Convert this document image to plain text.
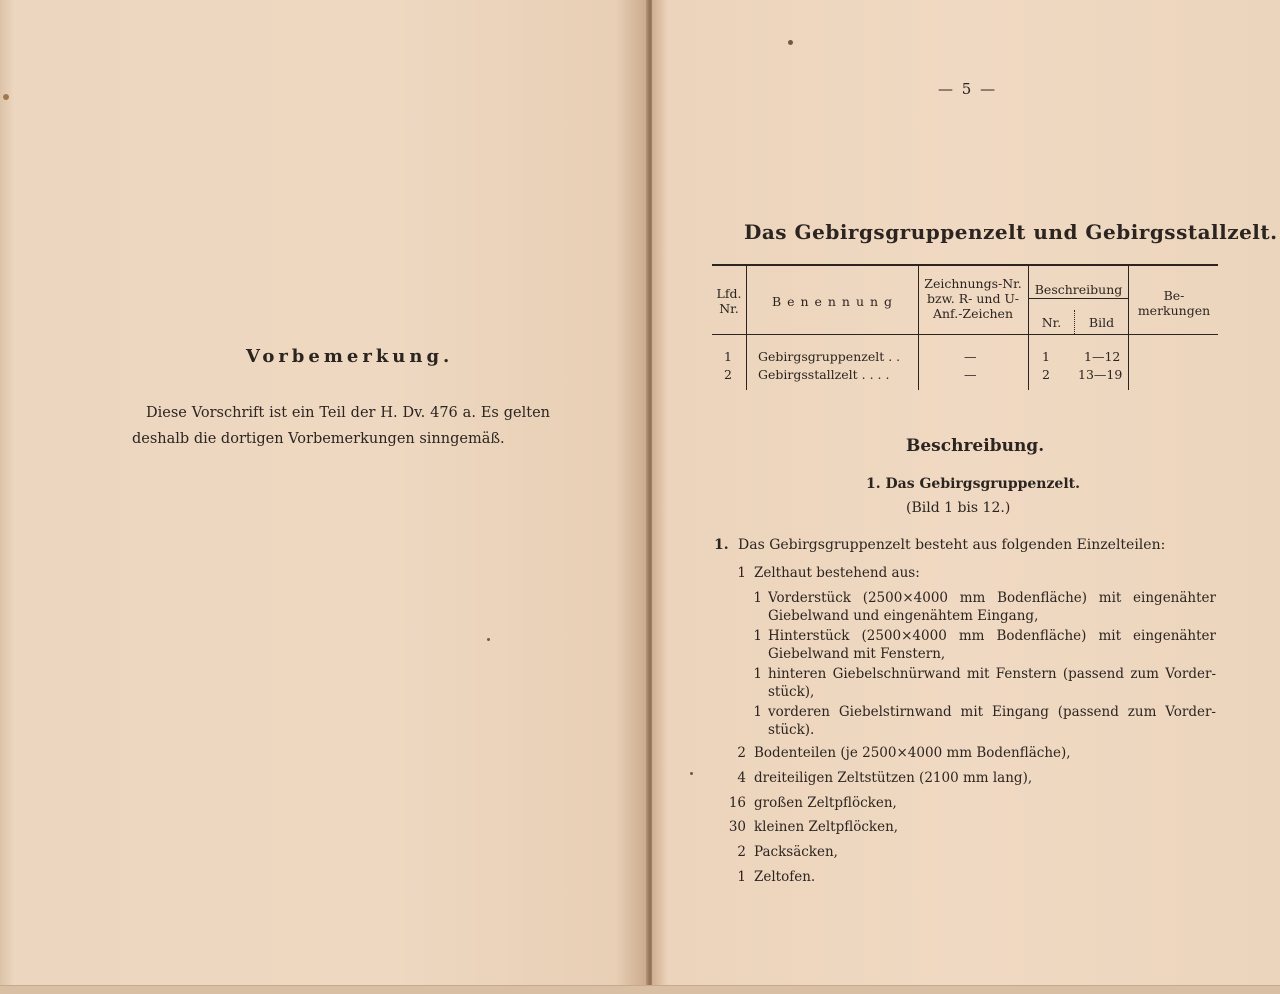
Vorbemerkung.
Diese Vorschrift ist ein Teil der H. Dv. 476 a. Es gelten
deshalb die dortigen Vorbemerkungen sinngemäß.
— 5 —
Das Gebirgsgruppenzelt und Gebirgsstallzelt.
Lfd. Nr.	B e n e n n u n g
Zeichnungs-Nr. bzw. R- und U- Anf.-Zeichen
Beschreibung
Nr.	Bild
Be- merkungen
1 Gebirgsgruppenzelt . .	—	1	1—12
2 Gebirgsstallzelt . . . .	—	2 13—19
Beschreibung.
1. Das Gebirgsgruppenzelt.
(Bild 1 bis 12.)
1. Das Gebirgsgruppenzelt besteht aus folgenden Einzelteilen:
1 Zelthaut bestehend aus:
1 Vorderstück (2500×4000 mm Bodenfläche) mit eingenähter
Giebelwand und eingenähtem Eingang,
1 Hinterstück (2500×4000 mm Bodenfläche) mit eingenähter
Giebelwand mit Fenstern,
1 hinteren Giebelschnürwand mit Fenstern (passend zum Vorder-
stück),
1 vorderen Giebelstirnwand mit Eingang (passend zum Vorder-
stück).
2 Bodenteilen (je 2500×4000 mm Bodenfläche),
4 dreiteiligen Zeltstützen (2100 mm lang),
16 großen Zeltpflöcken,
30 kleinen Zeltpflöcken,
2 Packsäcken,
1 Zeltofen.
